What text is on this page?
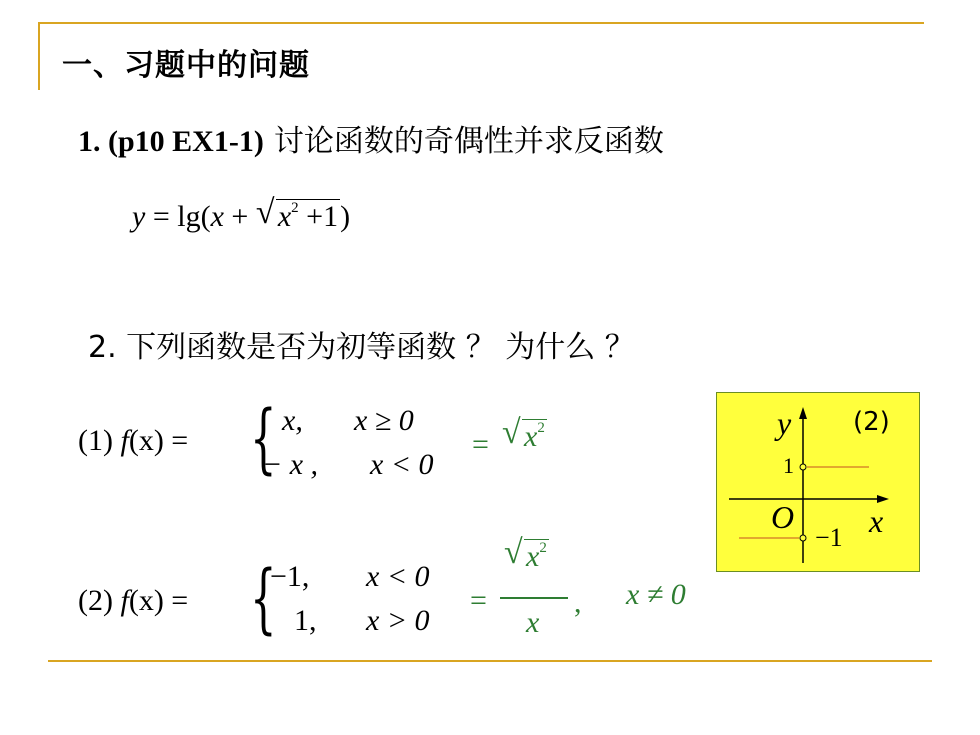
一、习题中的问题
1. (p10 EX1-1) 讨论函数的奇偶性并求反函数
y = lg(x + √ $x^2 +1$)
2. 下列函数是否为初等函数 ？ 为什么 ？
(1) f(x) = { x, x ≥ 0
− x , x < 0
= √ $x^2$
(2) f(x) = {
−1, x < 0
1, x > 0
=
√ $x^2$
x
, x ≠ 0
y (2)
1
O x
−1
